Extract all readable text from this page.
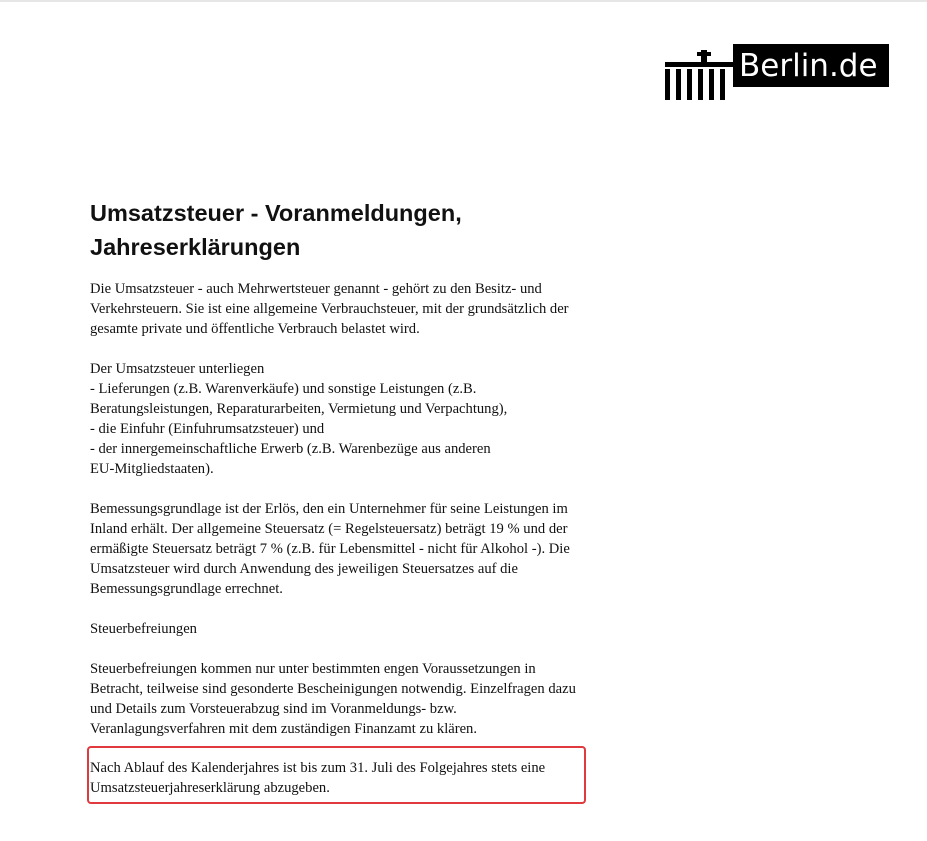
Berlin.de
Umsatzsteuer - Voranmeldungen,
Jahreserklärungen

Die Umsatzsteuer - auch Mehrwertsteuer genannt - gehört zu den Besitz- und
Verkehrsteuern. Sie ist eine allgemeine Verbrauchsteuer, mit der grundsätzlich der
gesamte private und öffentliche Verbrauch belastet wird.

Der Umsatzsteuer unterliegen
- Lieferungen (z.B. Warenverkäufe) und sonstige Leistungen (z.B.
Beratungsleistungen, Reparaturarbeiten, Vermietung und Verpachtung),
- die Einfuhr (Einfuhrumsatzsteuer) und
- der innergemeinschaftliche Erwerb (z.B. Warenbezüge aus anderen
EU-Mitgliedstaaten).

Bemessungsgrundlage ist der Erlös, den ein Unternehmer für seine Leistungen im
Inland erhält. Der allgemeine Steuersatz (= Regelsteuersatz) beträgt 19 % und der
ermäßigte Steuersatz beträgt 7 % (z.B. für Lebensmittel - nicht für Alkohol -). Die
Umsatzsteuer wird durch Anwendung des jeweiligen Steuersatzes auf die
Bemessungsgrundlage errechnet.

Steuerbefreiungen

Steuerbefreiungen kommen nur unter bestimmten engen Voraussetzungen in
Betracht, teilweise sind gesonderte Bescheinigungen notwendig. Einzelfragen dazu
und Details zum Vorsteuerabzug sind im Voranmeldungs- bzw.
Veranlagungsverfahren mit dem zuständigen Finanzamt zu klären.

Nach Ablauf des Kalenderjahres ist bis zum 31. Juli des Folgejahres stets eine
Umsatzsteuerjahreserklärung abzugeben.
